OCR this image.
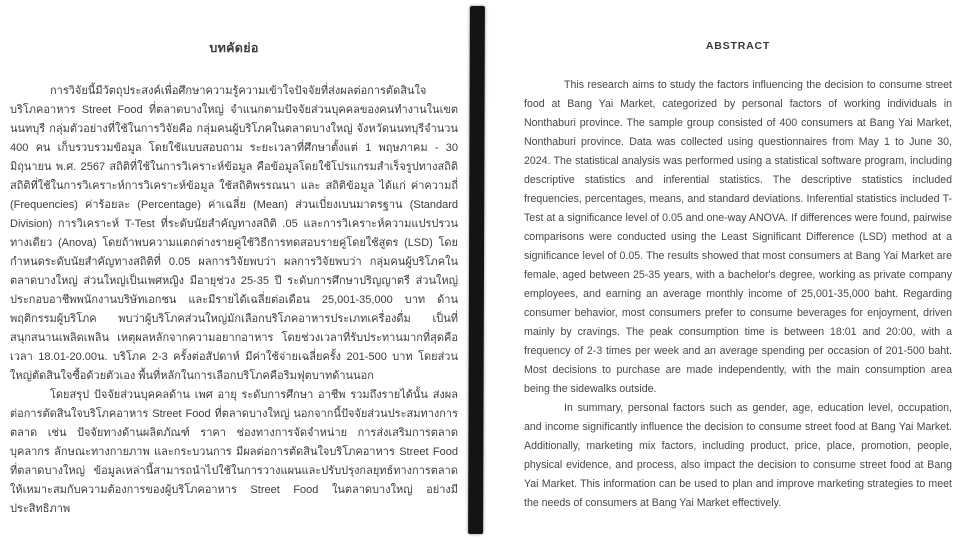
บทคัดย่อ

การวิจัยนี้มีวัตถุประสงค์เพื่อศึกษาความรู้ความเข้าใจปัจจัยที่ส่งผลต่อการตัดสินใจบริโภคอาหาร Street Food ที่ตลาดบางใหญ่ จำแนกตามปัจจัยส่วนบุคคลของคนทำงานในเขตนนทบุรี กลุ่มตัวอย่างที่ใช้ในการวิจัยคือ กลุ่มคนผู้บริโภคในตลาดบางใหญ่ จังหวัดนนทบุรีจำนวน 400 คน เก็บรวบรวมข้อมูล โดยใช้แบบสอบถาม ระยะเวลาที่ศึกษาตั้งแต่ 1 พฤษภาคม - 30 มิถุนายน พ.ศ. 2567 สถิติที่ใช้ในการวิเคราะห์ข้อมูล คือข้อมูลโดยใช้โปรแกรมสำเร็จรูปทางสถิติ สถิติที่ใช้ในการวิเคราะห์การวิเคราะห์ข้อมูล ใช้สถิติพรรณนา และ สถิติข้อมูล ได้แก่ ค่าความถี่ (Frequencies) ค่าร้อยละ (Percentage) ค่าเฉลี่ย (Mean) ส่วนเบี่ยงเบนมาตรฐาน (Standard Division) การวิเคราะห์ T-Test ที่ระดับนัยสำคัญทางสถิติ .05 และการวิเคราะห์ความแปรปรวนทางเดียว (Anova) โดยถ้าพบความแตกต่างรายคู่ใช้วิธีการทดสอบรายคู่โดยใช้สูตร (LSD) โดยกำหนดระดับนัยสำคัญทางสถิติที่ 0.05 ผลการวิจัยพบว่า ผลการวิจัยพบว่า กลุ่มคนผู้บริโภคในตลาดบางใหญ่ ส่วนใหญ่เป็นเพศหญิง มีอายุช่วง 25-35 ปี ระดับการศึกษาปริญญาตรี ส่วนใหญ่ประกอบอาชีพพนักงานบริษัทเอกชน และมีรายได้เฉลี่ยต่อเดือน 25,001-35,000 บาท ด้านพฤติกรรมผู้บริโภค พบว่าผู้บริโภคส่วนใหญ่มักเลือกบริโภคอาหารประเภทเครื่องดื่ม เป็นที่สนุกสนานเพลิดเพลิน เหตุผลหลักจากความอยากอาหาร โดยช่วงเวลาที่รับประทานมากที่สุดคือเวลา 18.01-20.00น. บริโภค 2-3 ครั้งต่อสัปดาห์ มีค่าใช้จ่ายเฉลี่ยครั้ง 201-500 บาท โดยส่วนใหญ่ตัดสินใจซื้อด้วยตัวเอง พื้นที่หลักในการเลือกบริโภคคือริมฟุตบาทด้านนอก

โดยสรุป ปัจจัยส่วนบุคคลด้าน เพศ อายุ ระดับการศึกษา อาชีพ รวมถึงรายได้นั้น ส่งผลต่อการตัดสินใจบริโภคอาหาร Street Food ที่ตลาดบางใหญ่ นอกจากนี้ปัจจัยส่วนประสมทางการตลาด เช่น ปัจจัยทางด้านผลิตภัณฑ์ ราคา ช่องทางการจัดจำหน่าย การส่งเสริมการตลาด บุคลากร ลักษณะทางกายภาพ และกระบวนการ มีผลต่อการตัดสินใจบริโภคอาหาร Street Food ที่ตลาดบางใหญ่ ข้อมูลเหล่านี้สามารถนำไปใช้ในการวางแผนและปรับปรุงกลยุทธ์ทางการตลาดให้เหมาะสมกับความต้องการของผู้บริโภคอาหาร Street Food ในตลาดบางใหญ่ อย่างมีประสิทธิภาพ

ABSTRACT

This research aims to study the factors influencing the decision to consume street food at Bang Yai Market, categorized by personal factors of working individuals in Nonthaburi province. The sample group consisted of 400 consumers at Bang Yai Market, Nonthaburi province. Data was collected using questionnaires from May 1 to June 30, 2024. The statistical analysis was performed using a statistical software program, including descriptive statistics and inferential statistics. The descriptive statistics included frequencies, percentages, means, and standard deviations. Inferential statistics included T-Test at a significance level of 0.05 and one-way ANOVA. If differences were found, pairwise comparisons were conducted using the Least Significant Difference (LSD) method at a significance level of 0.05. The results showed that most consumers at Bang Yai Market are female, aged between 25-35 years, with a bachelor's degree, working as private company employees, and earning an average monthly income of 25,001-35,000 baht. Regarding consumer behavior, most consumers prefer to consume beverages for enjoyment, driven mainly by cravings. The peak consumption time is between 18:01 and 20:00, with a frequency of 2-3 times per week and an average spending per occasion of 201-500 baht. Most decisions to purchase are made independently, with the main consumption area being the sidewalks outside.

In summary, personal factors such as gender, age, education level, occupation, and income significantly influence the decision to consume street food at Bang Yai Market. Additionally, marketing mix factors, including product, price, place, promotion, people, physical evidence, and process, also impact the decision to consume street food at Bang Yai Market. This information can be used to plan and improve marketing strategies to meet the needs of consumers at Bang Yai Market effectively.
